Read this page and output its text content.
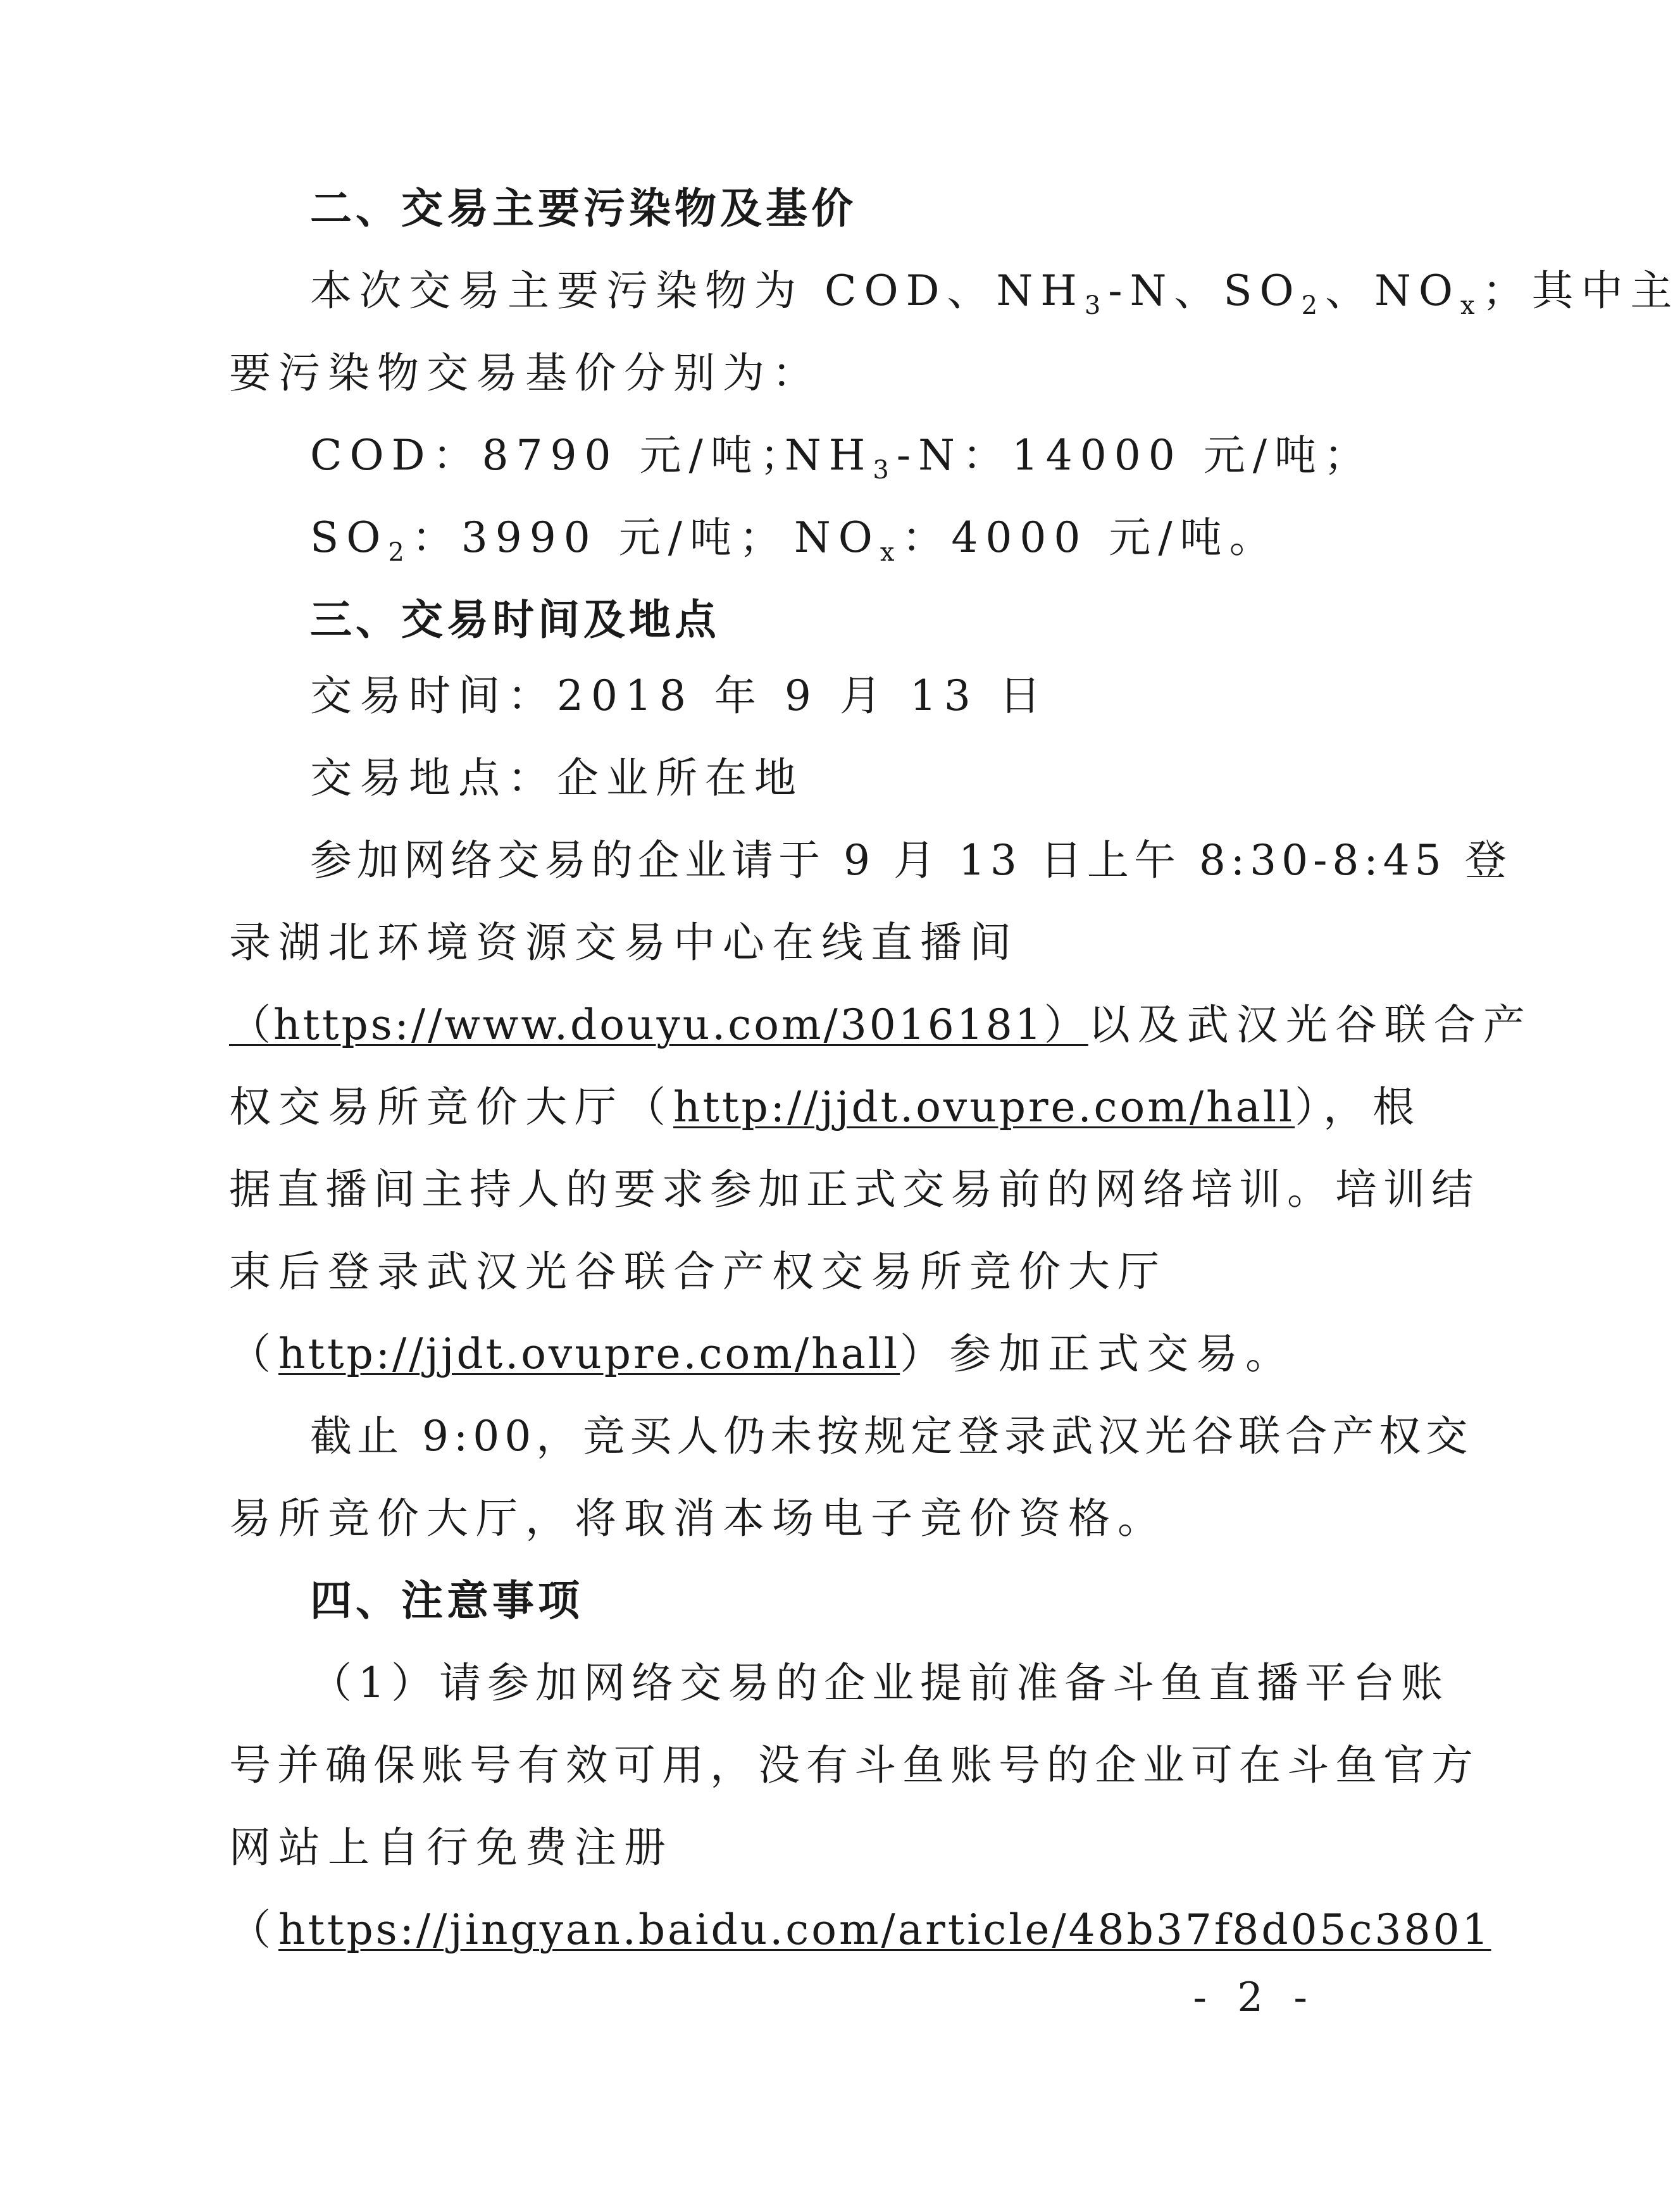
二、交易主要污染物及基价
本次交易主要污染物为 COD、$NH_3-N$、$SO_2$、$NO_x$；其中主
要污染物交易基价分别为：
COD：8790 元/吨；
$NH_3-N$：14000 元/吨；
$SO_2$：3990 元/吨； $NO_x$：4000 元/吨。
三、交易时间及地点
交易时间：2018 年 9 月 13 日
交易地点：企业所在地
参加网络交易的企业请于 9 月 13 日上午 8:30-8:45 登
录湖北环境资源交易中心在线直播间
（https://www.douyu.com/3016181）以及武汉光谷联合产
权交易所竞价大厅（http://jjdt.ovupre.com/hall），根
据直播间主持人的要求参加正式交易前的网络培训。培训结
束后登录武汉光谷联合产权交易所竞价大厅
（http://jjdt.ovupre.com/hall）参加正式交易。
截止 9:00，竞买人仍未按规定登录武汉光谷联合产权交
易所竞价大厅，将取消本场电子竞价资格。
四、注意事项
（1）请参加网络交易的企业提前准备斗鱼直播平台账
号并确保账号有效可用，没有斗鱼账号的企业可在斗鱼官方
网站上自行免费注册
（https://jingyan.baidu.com/article/48b37f8d05c3801
- 2 -
